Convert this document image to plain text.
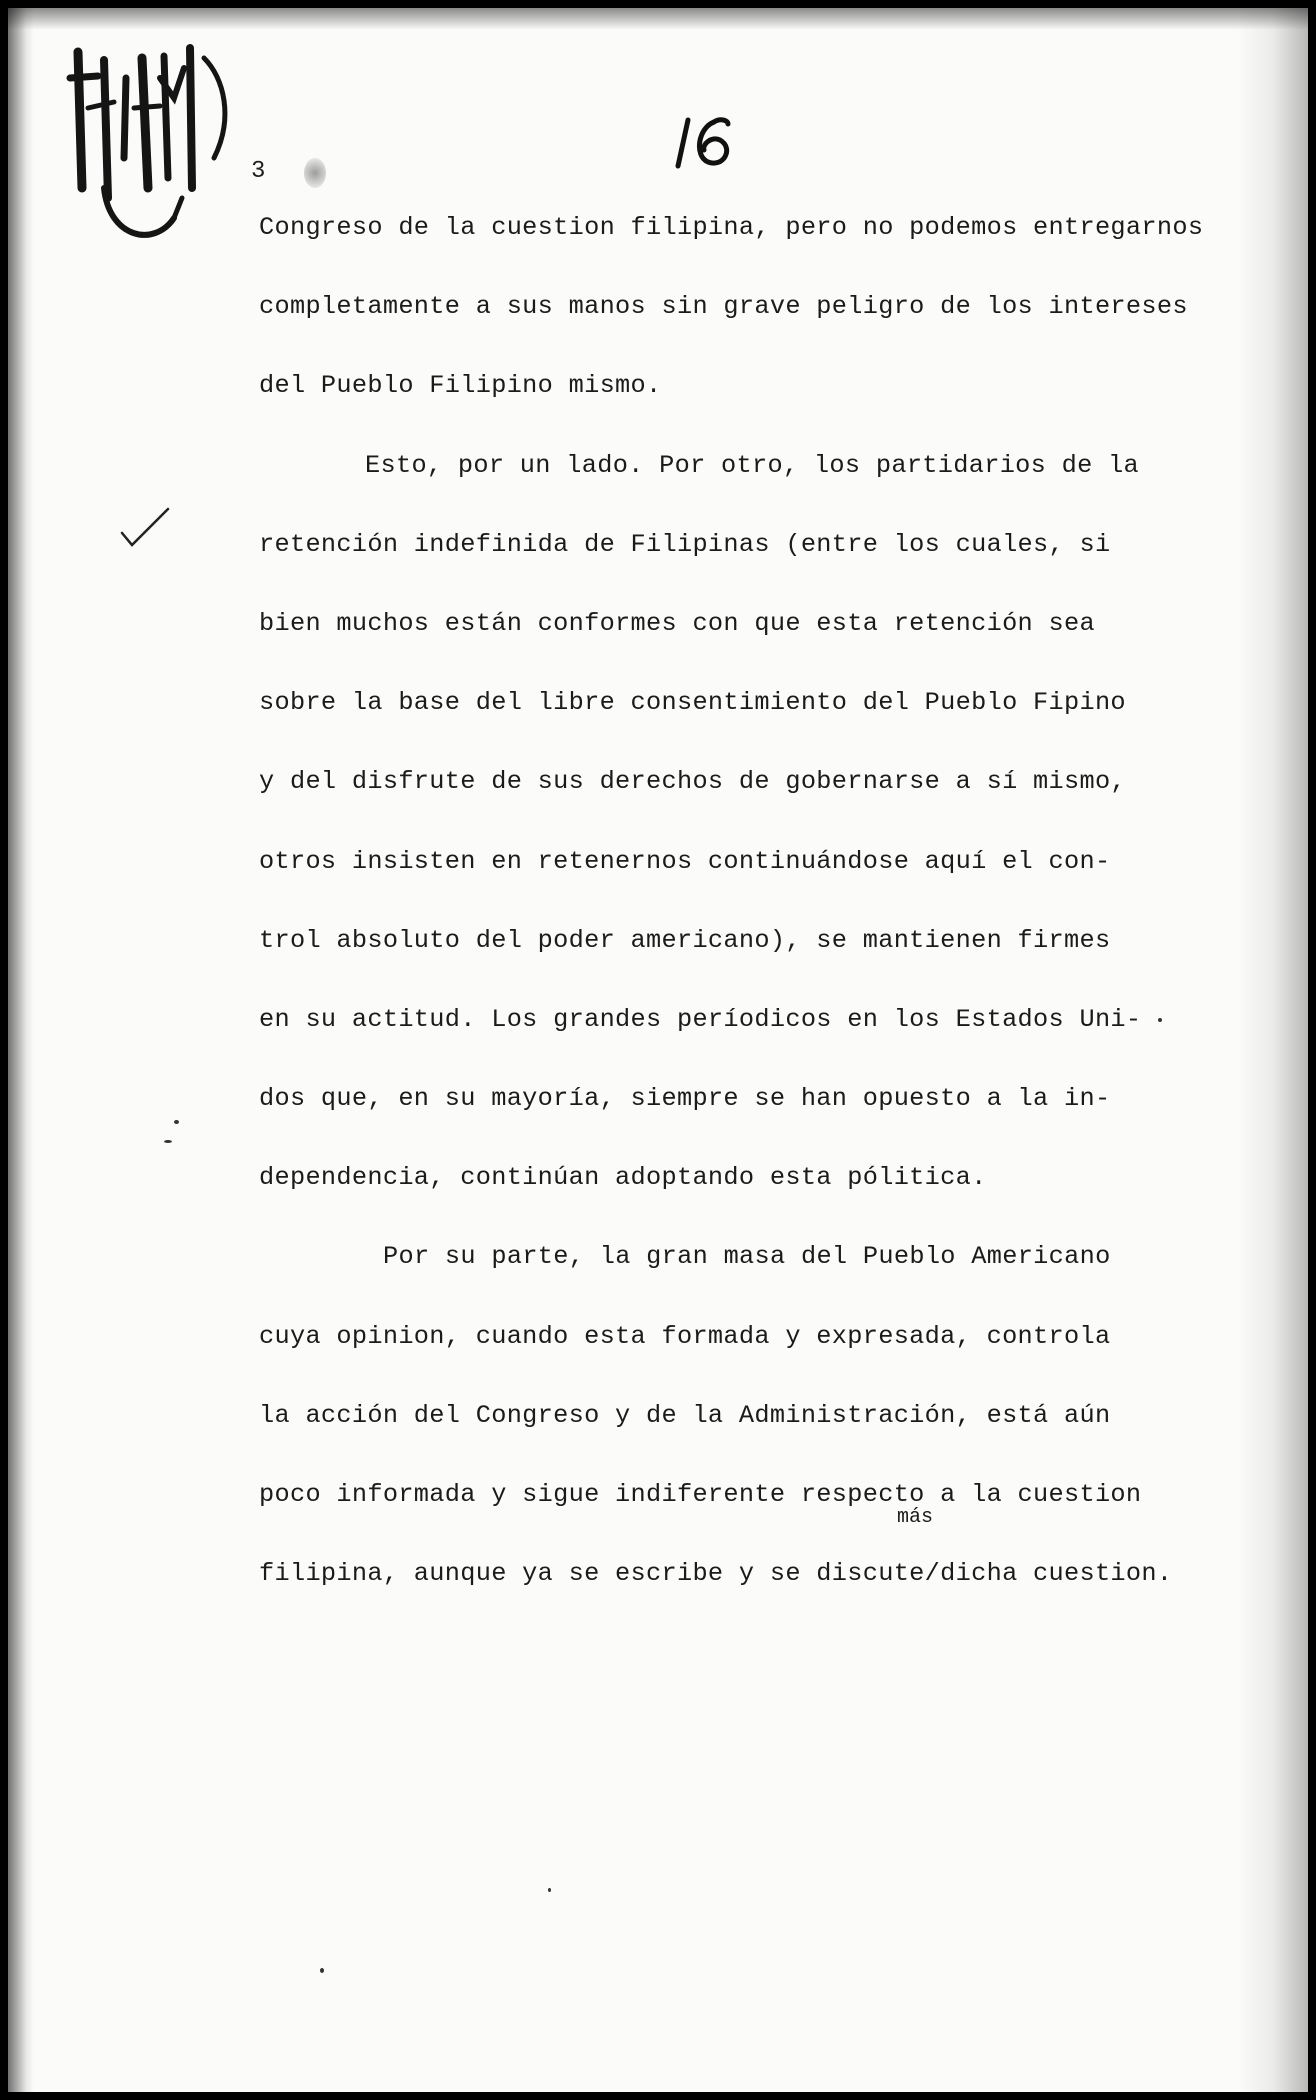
3
más
Congreso de la cuestion filipina, pero no podemos entregarnos
completamente a sus manos sin grave peligro de los intereses
del Pueblo Filipino mismo.
Esto, por un lado. Por otro, los partidarios de la
retención indefinida de Filipinas (entre los cuales, si
bien muchos están conformes con que esta retención sea
sobre la base del libre consentimiento del Pueblo Fipino
y del disfrute de sus derechos de gobernarse a sí mismo,
otros insisten en retenernos continuándose aquí el con-
trol absoluto del poder americano), se mantienen firmes
en su actitud. Los grandes períodicos en los Estados Uni-
dos que, en su mayoría, siempre se han opuesto a la in-
dependencia, continúan adoptando esta pólitica.
Por su parte, la gran masa del Pueblo Americano
cuya opinion, cuando esta formada y expresada, controla
la acción del Congreso y de la Administración, está aún
poco informada y sigue indiferente respecto a la cuestion
filipina, aunque ya se escribe y se discute/dicha cuestion.
